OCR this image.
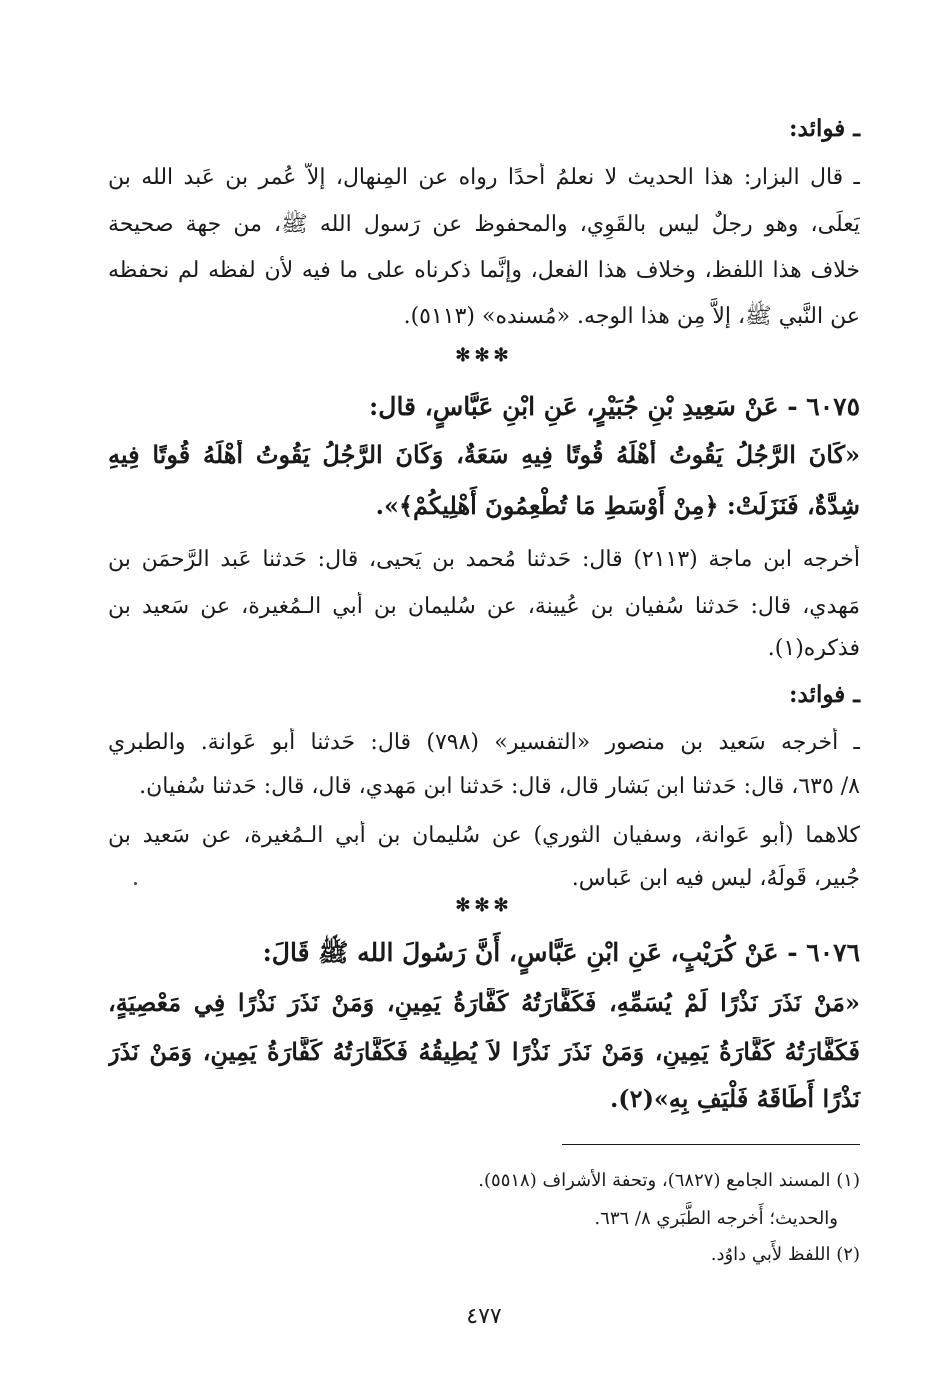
ـ فوائد:
ـ قال البزار: هذا الحديث لا نعلمُ أَحدًا رواه عن المِنهال، إلاَّ عُمر بن عَبد الله بن
يَعلَى، وهو رجلٌ ليس بالقَوِي، والمحفوظ عن رَسول الله ﷺ، من جهة صحيحة
خلاف هذا اللفظ، وخلاف هذا الفعل، وإنَّما ذكرناه على ما فيه لأَن لفظه لم نحفظه
عن النَّبي ﷺ، إلاَّ مِن هذا الوجه. «مُسنده» (٥١١٣).
✻✻✻
٦٠٧٥ - عَنْ سَعِيدِ بْنِ جُبَيْرٍ، عَنِ ابْنِ عَبَّاسٍ، قال:
«كَانَ الرَّجُلُ يَقُوتُ أَهْلَهُ قُوتًا فِيهِ سَعَةٌ، وَكَانَ الرَّجُلُ يَقُوتُ أَهْلَهُ قُوتًا فِيهِ
شِدَّةٌ، فَنَزَلَتْ: ﴿مِنْ أَوْسَطِ مَا تُطْعِمُونَ أَهْلِيكُمْ﴾».
أَخرجه ابن ماجة (٢١١٣) قال: حَدثنا مُحمد بن يَحيى، قال: حَدثنا عَبد الرَّحمَن بن
مَهدي، قال: حَدثنا سُفيان بن عُيينة، عن سُليمان بن أَبي الـمُغيرة، عن سَعيد بن
فذكره(١).
ـ فوائد:
ـ أَخرجه سَعيد بن منصور «التفسير» (٧٩٨) قال: حَدثنا أَبو عَوانة. والطبري
٨/ ٦٣٥، قال: حَدثنا ابن بَشار قال، قال: حَدثنا ابن مَهدي، قال، قال: حَدثنا سُفيان.
كلاهما (أَبو عَوانة، وسفيان الثوري) عن سُليمان بن أَبي الـمُغيرة، عن سَعيد بن
جُبير، قَولَهُ، ليس فيه ابن عَباس.
✻✻✻
٦٠٧٦ - عَنْ كُرَيْبٍ، عَنِ ابْنِ عَبَّاسٍ، أَنَّ رَسُولَ الله ﷺ قَالَ:
«مَنْ نَذَرَ نَذْرًا لَمْ يُسَمِّهِ، فَكَفَّارَتُهُ كَفَّارَةُ يَمِينٍ، وَمَنْ نَذَرَ نَذْرًا فِي مَعْصِيَةٍ،
فَكَفَّارَتُهُ كَفَّارَةُ يَمِينٍ، وَمَنْ نَذَرَ نَذْرًا لاَ يُطِيقُهُ فَكَفَّارَتُهُ كَفَّارَةُ يَمِينٍ، وَمَنْ نَذَرَ
نَذْرًا أَطَاقَهُ فَلْيَفِ بِهِ»(٢).
(١) المسند الجامع (٦٨٢٧)، وتحفة الأشراف (٥٥١٨).
والحديث؛ أَخرجه الطَّبَري ٨/ ٦٣٦.
(٢) اللفظ لأَبي داوُد.
٤٧٧
